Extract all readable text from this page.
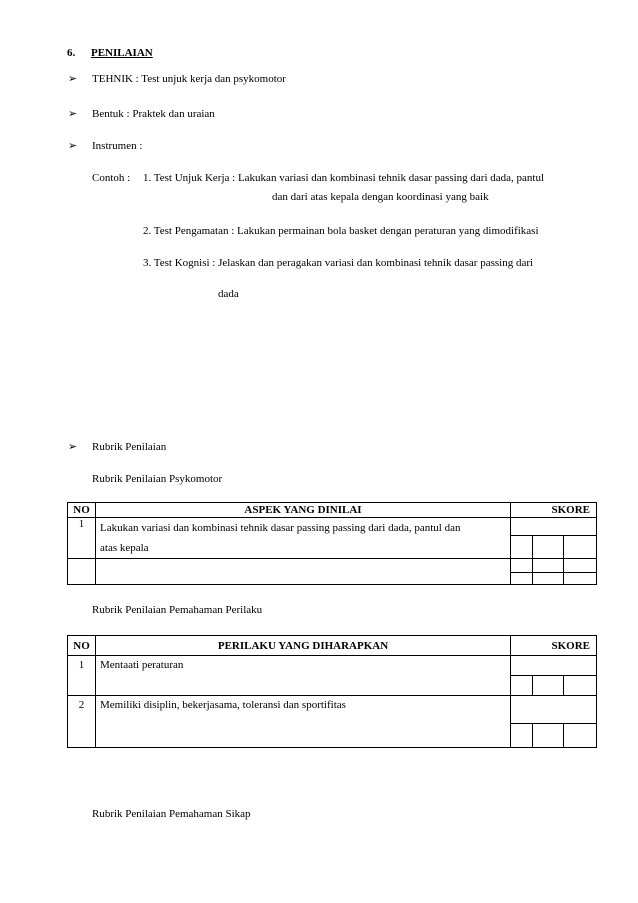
6. PENILAIAN
➢ TEHNIK : Test unjuk kerja dan psykomotor
➢ Bentuk : Praktek dan uraian
➢ Instrumen :
Contoh : 1. Test Unjuk Kerja : Lakukan variasi dan kombinasi tehnik dasar passing dari dada, pantul
dan dari atas kepala dengan koordinasi yang baik
2. Test Pengamatan : Lakukan permainan bola basket dengan peraturan yang dimodifikasi
3. Test Kognisi : Jelaskan dan peragakan variasi dan kombinasi tehnik dasar passing dari
dada
➢ Rubrik Penilaian
Rubrik Penilaian Psykomotor
NO	ASPEK YANG DINILAI	SKORE		
1	Lakukan variasi dan kombinasi tehnik dasar passing passing dari dada, pantul dan
atas kepala			

Rubrik Penilaian Pemahaman Perilaku
NO	PERILAKU YANG DIHARAPKAN	SKORE		
1	Mentaati peraturan			

2	Memiliki disiplin, bekerjasama, toleransi dan sportifitas			

Rubrik Penilaian Pemahaman Sikap
